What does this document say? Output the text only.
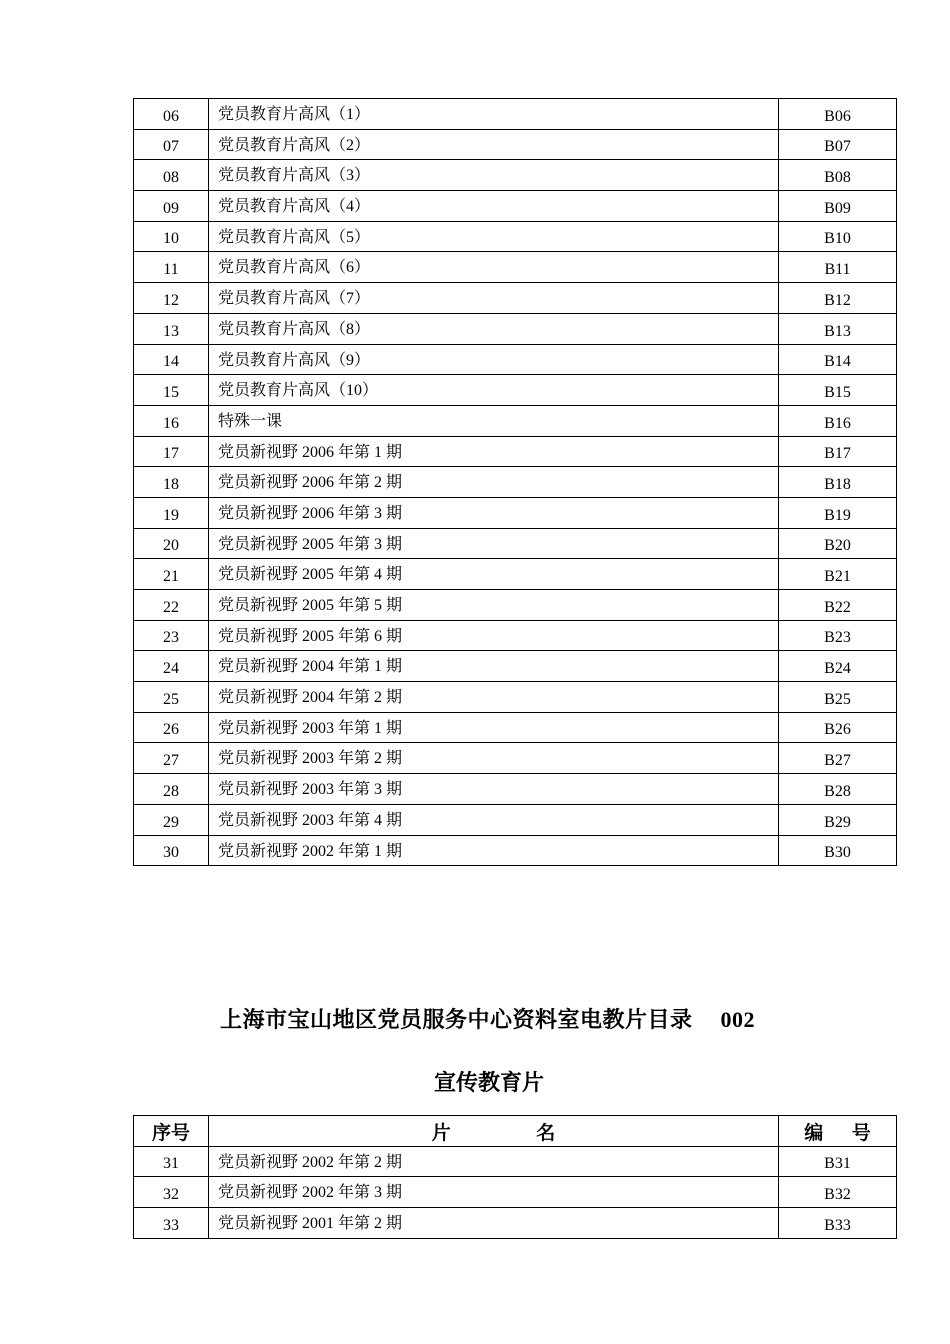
06	党员教育片高风（1）	B06
07	党员教育片高风（2）	B07
08	党员教育片高风（3）	B08
09	党员教育片高风（4）	B09
10	党员教育片高风（5）	B10
11	党员教育片高风（6）	B11
12	党员教育片高风（7）	B12
13	党员教育片高风（8）	B13
14	党员教育片高风（9）	B14
15	党员教育片高风（10）	B15
16	特殊一课	B16
17	党员新视野 2006 年第 1 期	B17
18	党员新视野 2006 年第 2 期	B18
19	党员新视野 2006 年第 3 期	B19
20	党员新视野 2005 年第 3 期	B20
21	党员新视野 2005 年第 4 期	B21
22	党员新视野 2005 年第 5 期	B22
23	党员新视野 2005 年第 6 期	B23
24	党员新视野 2004 年第 1 期	B24
25	党员新视野 2004 年第 2 期	B25
26	党员新视野 2003 年第 1 期	B26
27	党员新视野 2003 年第 2 期	B27
28	党员新视野 2003 年第 3 期	B28
29	党员新视野 2003 年第 4 期	B29
30	党员新视野 2002 年第 1 期	B30
上海市宝山地区党员服务中心资料室电教片目录 002
宣传教育片
序号	片                  名	编      号
31	党员新视野 2002 年第 2 期	B31
32	党员新视野 2002 年第 3 期	B32
33	党员新视野 2001 年第 2 期	B33
